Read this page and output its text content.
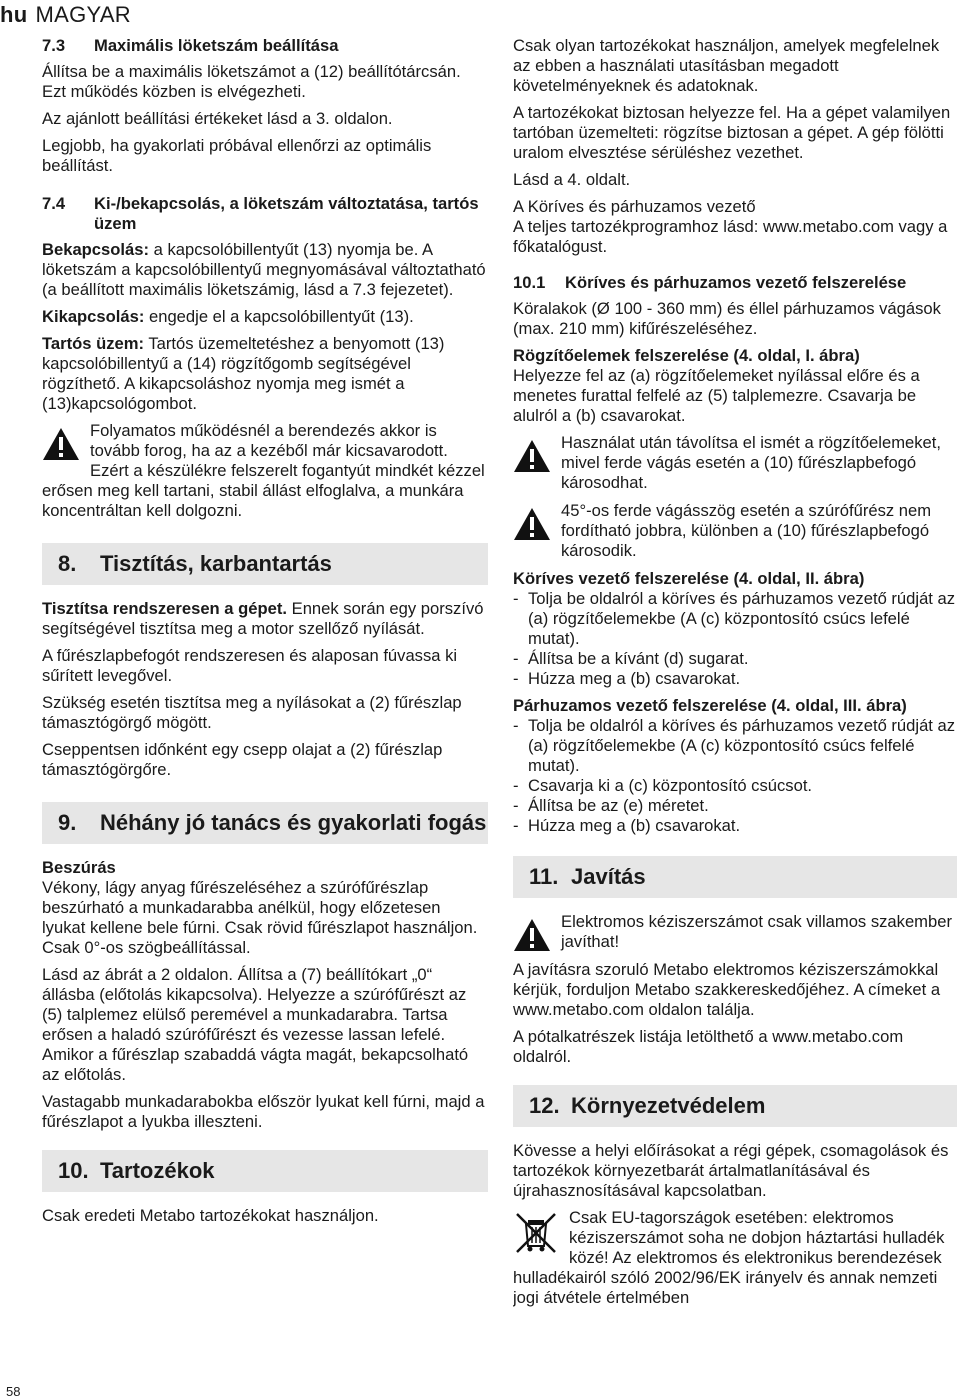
hu MAGYAR
7.3	Maximális löketszám beállítása

Állítsa be a maximális löketszámot a (12) beállítótárcsán. Ezt működés közben is elvégezheti.

Az ajánlott beállítási értékeket lásd a 3. oldalon.

Legjobb, ha gyakorlati próbával ellenőrzi az optimális beállítást.

7.4	Ki-/bekapcsolás, a löketszám változtatása, tartós üzem

Bekapcsolás: a kapcsolóbillentyűt (13) nyomja be. A löketszám a kapcsolóbillentyű megnyomásával változtatható (a beállított maximális löketszámig, lásd a 7.3 fejezetet).

Kikapcsolás: engedje el a kapcsolóbillentyűt (13).

Tartós üzem: Tartós üzemeltetéshez a benyomott (13) kapcsolóbillentyű a (14) rögzítőgomb segítségével rögzíthető. A kikapcsoláshoz nyomja meg ismét a (13)kapcsológombot.

Folyamatos működésnél a berendezés akkor is tovább forog, ha az a kezéből már kicsavarodott. Ezért a készülékre felszerelt fogantyút mindkét kézzel erősen meg kell tartani, stabil állást elfoglalva, a munkára koncentráltan kell dolgozni.
8.	Tisztítás, karbantartás

Tisztítsa rendszeresen a gépet. Ennek során egy porszívó segítségével tisztítsa meg a motor szellőző nyílását.

A fűrészlapbefogót rendszeresen és alaposan fúvassa ki sűrített levegővel.

Szükség esetén tisztítsa meg a nyílásokat a (2) fűrészlap támasztógörgő mögött.

Cseppentsen időnként egy csepp olajat a (2) fűrészlap támasztógörgőre.

9.	Néhány jó tanács és gyakorlati fogás
Beszúrás

Vékony, lágy anyag fűrészeléséhez a szúrófűrészlap beszúrható a munkadarabba anélkül, hogy előzetesen lyukat kellene bele fúrni. Csak rövid fűrészlapot használjon. Csak 0°-os szögbeállítással.

Lásd az ábrát a 2 oldalon. Állítsa a (7) beállítókart „0“ állásba (előtolás kikapcsolva). Helyezze a szúrófűrészt az (5) talplemez elülső peremével a munkadarabra. Tartsa erősen a haladó szúrófűrészt és vezesse lassan lefelé. Amikor a fűrészlap szabaddá vágta magát, bekapcsolható az előtolás.

Vastagabb munkadarabokba először lyukat kell fúrni, majd a fűrészlapot a lyukba illeszteni.

10. Tartozékok

Csak eredeti Metabo tartozékokat használjon.

Csak olyan tartozékokat használjon, amelyek megfelelnek az ebben a használati utasításban megadott követelményeknek és adatoknak.

A tartozékokat biztosan helyezze fel. Ha a gépet valamilyen tartóban üzemelteti: rögzítse biztosan a gépet. A gép fölötti uralom elvesztése sérüléshez vezethet.

Lásd a 4. oldalt.

A Köríves és párhuzamos vezető

A teljes tartozékprogramhoz lásd: www.metabo.com vagy a főkatalógust.

10.1	Köríves és párhuzamos vezető felszerelése

Köralakok (Ø 100 - 360 mm) és éllel párhuzamos vágások (max. 210 mm) kifűrészeléséhez.

Rögzítőelemek felszerelése (4. oldal, I. ábra)

Helyezze fel az (a) rögzítőelemeket nyílással előre és a menetes furattal felfelé az (5) talplemezre. Csavarja be alulról a (b) csavarokat.

Használat után távolítsa el ismét a rögzítőelemeket, mivel ferde vágás esetén a (10) fűrészlapbefogó károsodhat.
45°-os ferde vágásszög esetén a szúrófűrész nem fordítható jobbra, különben a (10) fűrészlapbefogó károsodik.
Köríves vezető felszerelése (4. oldal, II. ábra)
- Tolja be oldalról a köríves és párhuzamos vezető rúdját az (a) rögzítőelemekbe (A (c) központosító csúcs lefelé mutat).
- Állítsa be a kívánt (d) sugarat.
- Húzza meg a (b) csavarokat.
Párhuzamos vezető felszerelése (4. oldal, III. ábra)
- Tolja be oldalról a köríves és párhuzamos vezető rúdját az (a) rögzítőelemekbe (A (c) központosító csúcs felfelé mutat).
- Csavarja ki a (c) központosító csúcsot.
- Állítsa be az (e) méretet.
- Húzza meg a (b) csavarokat.
11. Javítás
Elektromos kéziszerszámot csak villamos szakember javíthat!

A javításra szoruló Metabo elektromos kéziszerszámokkal kérjük, forduljon Metabo szakkereskedőjéhez. A címeket a www.metabo.com oldalon találja.

A pótalkatrészek listája letölthető a www.metabo.com oldalról.

12. Környezetvédelem

Kövesse a helyi előírásokat a régi gépek, csomagolások és tartozékok környezetbarát ártalmatlanításával és újrahasznosításával kapcsolatban.

Csak EU-tagországok esetében: elektromos kéziszerszámot soha ne dobjon háztartási hulladék közé! Az elektromos és elektronikus berendezések hulladékairól szóló 2002/96/EK irányelv és annak nemzeti jogi átvétele értelmében
58
